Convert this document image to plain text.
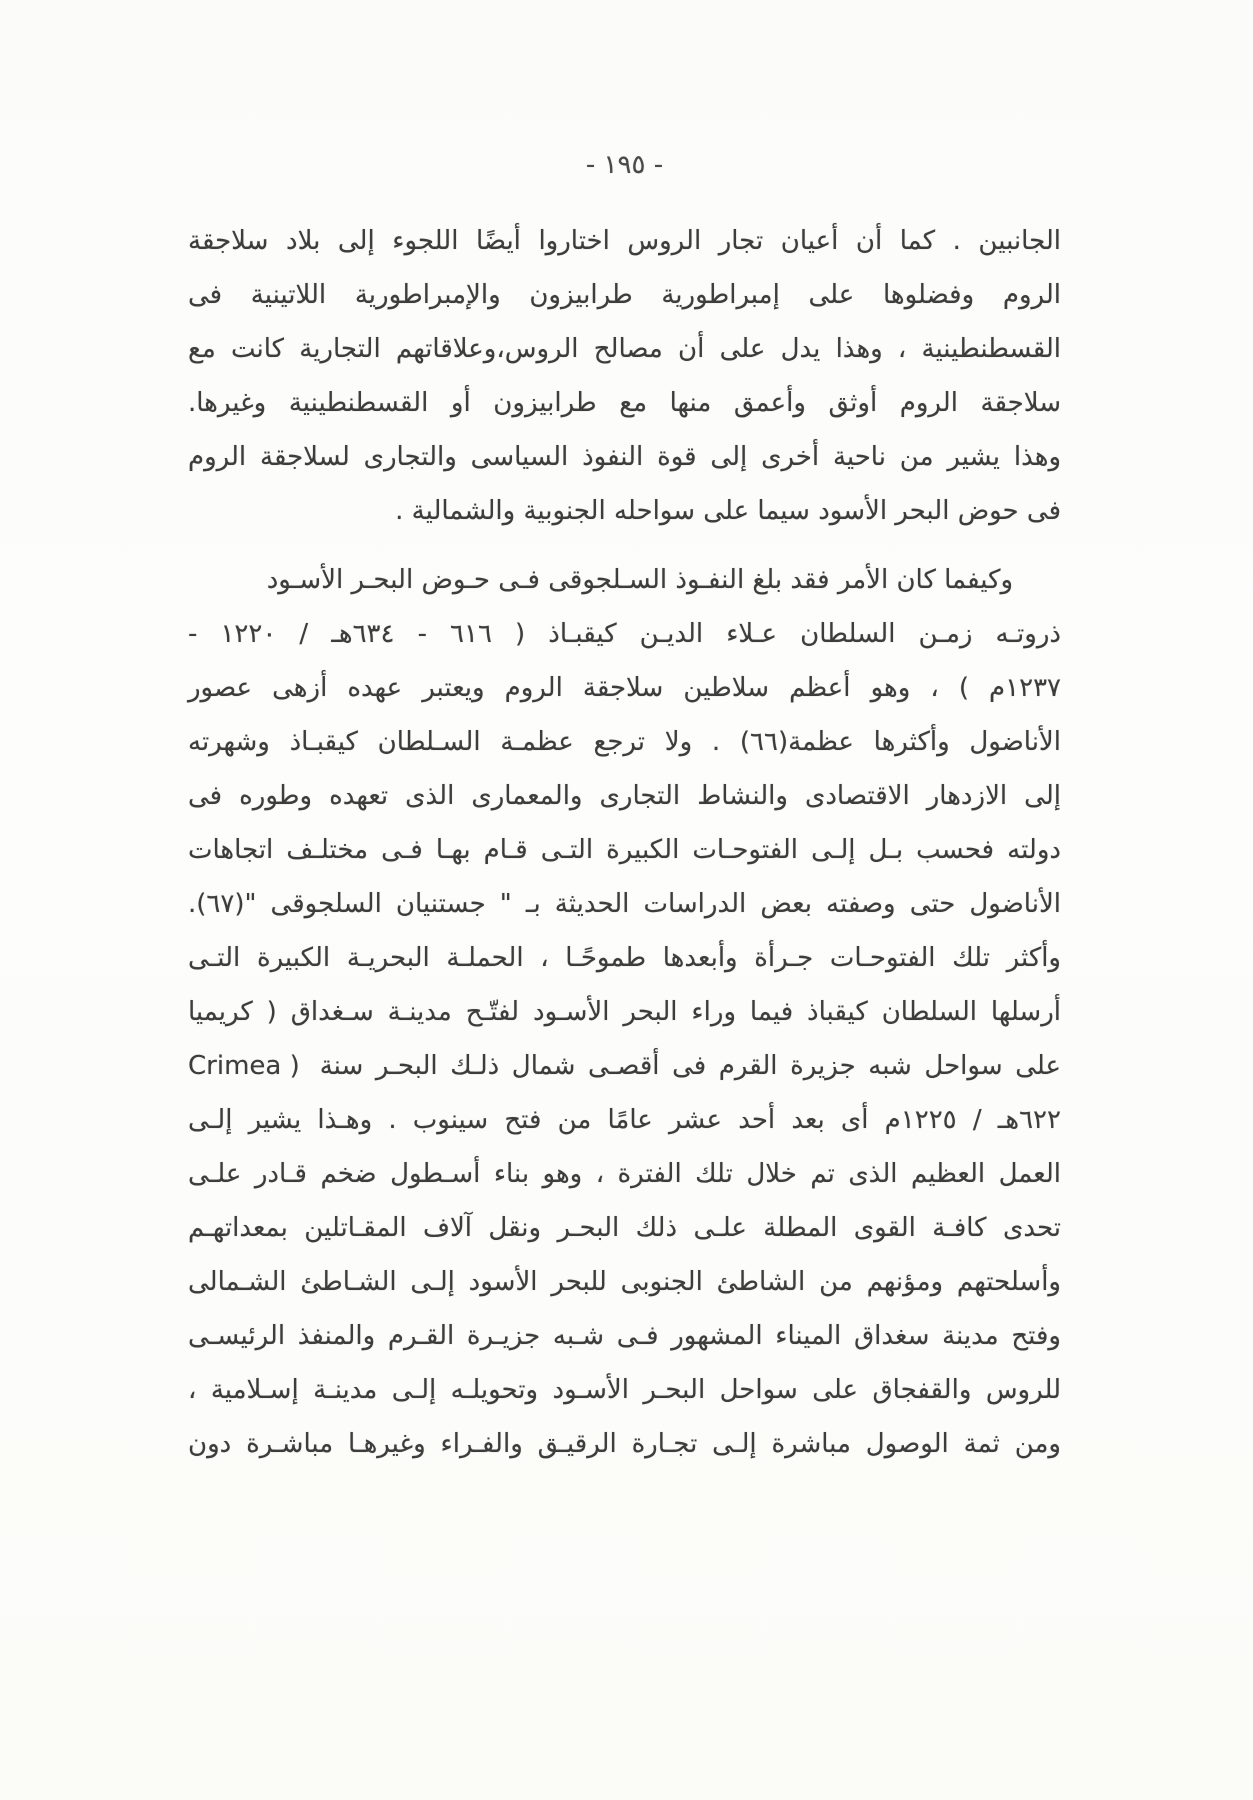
- ١٩٥ -
الجانبين . كما أن أعيان تجار الروس اختاروا أيضًا اللجوء إلى بلاد سلاجقة
الروم وفضلوها على إمبراطورية طرابيزون والإمبراطورية اللاتينية فى
القسطنطينية ، وهذا يدل على أن مصالح الروس،وعلاقاتهم التجارية كانت مع
سلاجقة الروم أوثق وأعمق منها مع طرابيزون أو القسطنطينية وغيرها.
وهذا يشير من ناحية أخرى إلى قوة النفوذ السياسى والتجارى لسلاجقة الروم
فى حوض البحر الأسود سيما على سواحله الجنوبية والشمالية .
وكيفما كان الأمر فقد بلغ النفـوذ السـلجوقى فـى حـوض البحـر الأسـود
ذروتـه زمـن السلطان عـلاء الديـن كيقبـاذ ( ٦١٦ - ٦٣٤هـ / ١٢٢٠ -
١٢٣٧م ) ، وهو أعظم سلاطين سلاجقة الروم ويعتبر عهده أزهى عصور
الأناضول وأكثرها عظمة(٦٦) . ولا ترجع عظمـة السـلطان كيقبـاذ وشهرته
إلى الازدهار الاقتصادى والنشاط التجارى والمعمارى الذى تعهده وطوره فى
دولته فحسب بـل إلـى الفتوحـات الكبيرة التـى قـام بهـا فـى مختلـف اتجاهات
الأناضول حتى وصفته بعض الدراسات الحديثة بـ " جستنيان السلجوقى "(٦٧).
وأكثر تلك الفتوحـات جـرأة وأبعدها طموحًـا ، الحملـة البحريـة الكبيرة التـى
أرسلها السلطان كيقباذ فيما وراء البحر الأسـود لفتّـح مدينـة سـغداق ( كريميا
على سواحل شبه جزيرة القرم فى أقصـى شمال ذلـك البحـر سنة
Crimea )
٦٢٢هـ / ١٢٢٥م أى بعد أحد عشر عامًا من فتح سينوب . وهـذا يشير إلـى
العمل العظيم الذى تم خلال تلك الفترة ، وهو بناء أسـطول ضخم قـادر علـى
تحدى كافـة القوى المطلة علـى ذلك البحـر ونقل آلاف المقـاتلين بمعداتهـم
وأسلحتهم ومؤنهم من الشاطئ الجنوبى للبحر الأسود إلـى الشـاطئ الشـمالى
وفتح مدينة سغداق الميناء المشهور فـى شـبه جزيـرة القـرم والمنفذ الرئيسـى
للروس والقفجاق على سواحل البحـر الأسـود وتحويلـه إلـى مدينـة إسـلامية ،
ومن ثمة الوصول مباشرة إلـى تجـارة الرقيـق والفـراء وغيرهـا مباشـرة دون
